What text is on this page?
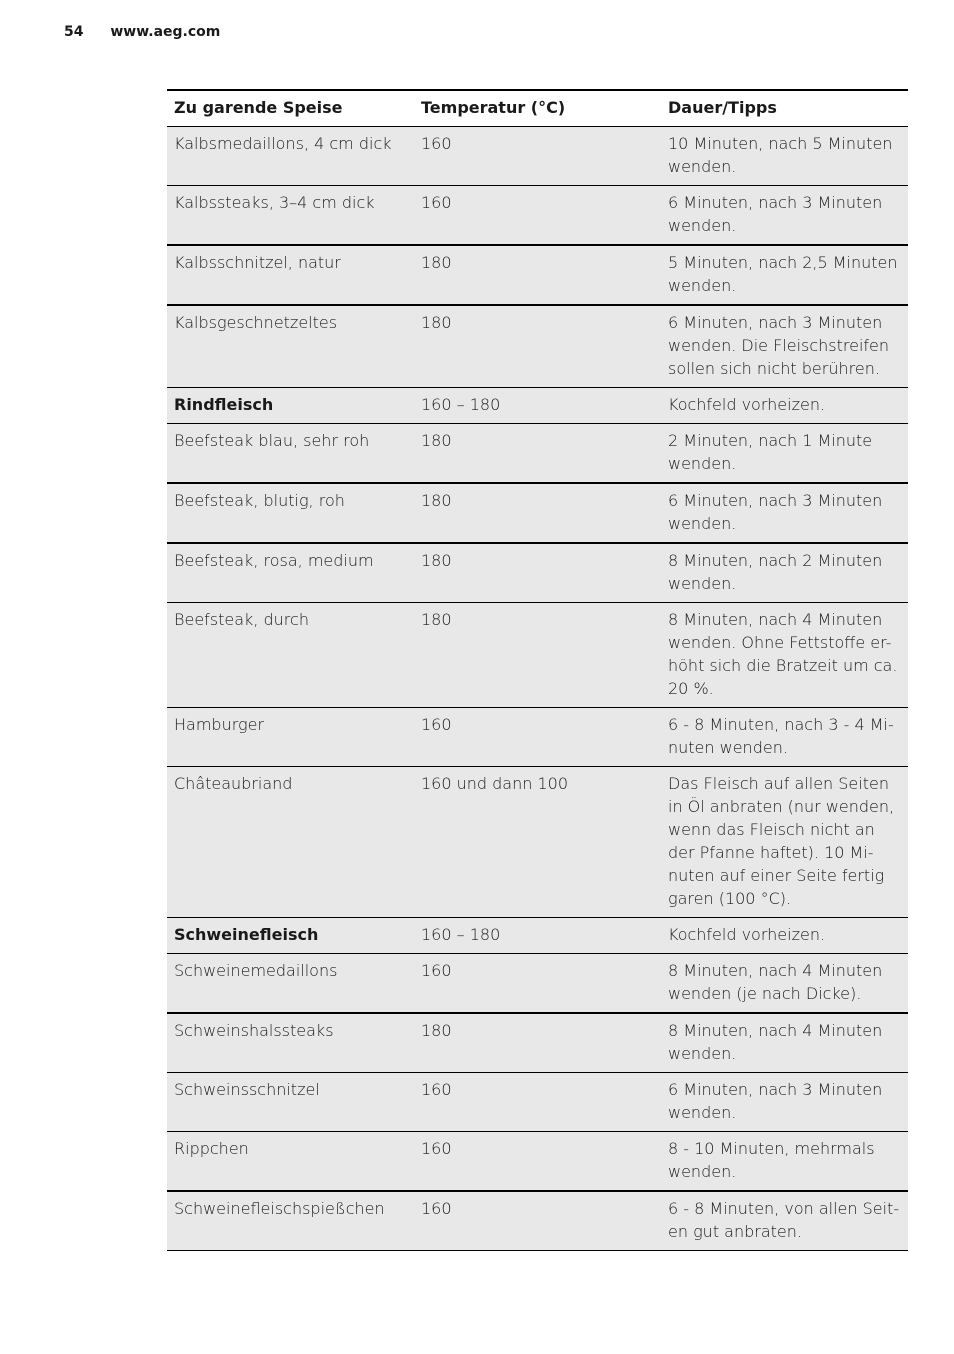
54 www.aeg.com
Zu garende Speise	Temperatur (°C)	Dauer/Tipps
Kalbsmedaillons, 4 cm dick	160	10 Minuten, nach 5 Minuten wenden.
Kalbssteaks, 3–4 cm dick	160	6 Minuten, nach 3 Minuten wenden.
Kalbsschnitzel, natur	180	5 Minuten, nach 2,5 Minuten wenden.
Kalbsgeschnetzeltes	180	6 Minuten, nach 3 Minuten wenden. Die Fleischstreifen sollen sich nicht berühren.
Rindfleisch	160 – 180	Kochfeld vorheizen.
Beefsteak blau, sehr roh	180	2 Minuten, nach 1 Minute wenden.
Beefsteak, blutig, roh	180	6 Minuten, nach 3 Minuten wenden.
Beefsteak, rosa, medium	180	8 Minuten, nach 2 Minuten wenden.
Beefsteak, durch	180	8 Minuten, nach 4 Minuten wenden. Ohne Fettstoffe er-höht sich die Bratzeit um ca. 20 %.
Hamburger	160	6 - 8 Minuten, nach 3 - 4 Mi-nuten wenden.
Châteaubriand	160 und dann 100	Das Fleisch auf allen Seiten in Öl anbraten (nur wenden, wenn das Fleisch nicht an der Pfanne haftet). 10 Mi-nuten auf einer Seite fertig garen (100 °C).
Schweinefleisch	160 – 180	Kochfeld vorheizen.
Schweinemedaillons	160	8 Minuten, nach 4 Minuten wenden (je nach Dicke).
Schweinshalssteaks	180	8 Minuten, nach 4 Minuten wenden.
Schweinsschnitzel	160	6 Minuten, nach 3 Minuten wenden.
Rippchen	160	8 - 10 Minuten, mehrmals wenden.
Schweinefleischspießchen	160	6 - 8 Minuten, von allen Seit-en gut anbraten.
